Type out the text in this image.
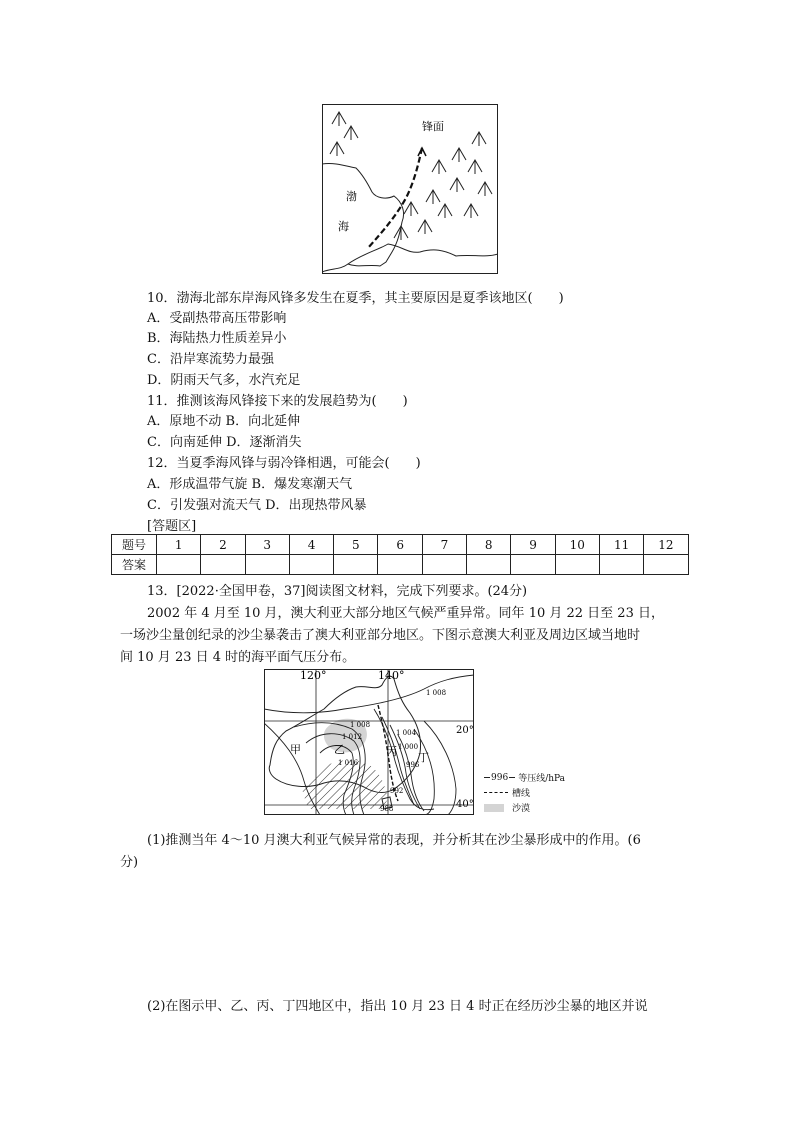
锋面
渤
海
10．渤海北部东岸海风锋多发生在夏季，其主要原因是夏季该地区(　　)
A．受副热带高压带影响
B．海陆热力性质差异小
C．沿岸寒流势力最强
D．阴雨天气多，水汽充足
11．推测该海风锋接下来的发展趋势为(　　)
A．原地不动 B．向北延伸
C．向南延伸 D．逐渐消失
12．当夏季海风锋与弱冷锋相遇，可能会(　　)
A．形成温带气旋 B．爆发寒潮天气
C．引发强对流天气 D．出现热带风暴
[答题区]
题号	1	2	3	4	5	6	7	8	9	10	11	12
答案												
13．[2022·全国甲卷，37]阅读图文材料，完成下列要求。(24分)
2002 年 4 月至 10 月，澳大利亚大部分地区气候严重异常。同年 10 月 22 日至 23 日，
一场沙尘量创纪录的沙尘暴袭击了澳大利亚部分地区。下图示意澳大利亚及周边区域当地时
间 10 月 23 日 4 时的海平面气压分布。
120°	140°
20°
40°
1 008
1 008
1 012
1 016
1 004
1 000
996
992
988
甲	乙	丙 丁
996 等压线/hPa
槽线
沙漠
(1)推测当年 4～10 月澳大利亚气候异常的表现，并分析其在沙尘暴形成中的作用。(6
分)
(2)在图示甲、乙、丙、丁四地区中，指出 10 月 23 日 4 时正在经历沙尘暴的地区并说
